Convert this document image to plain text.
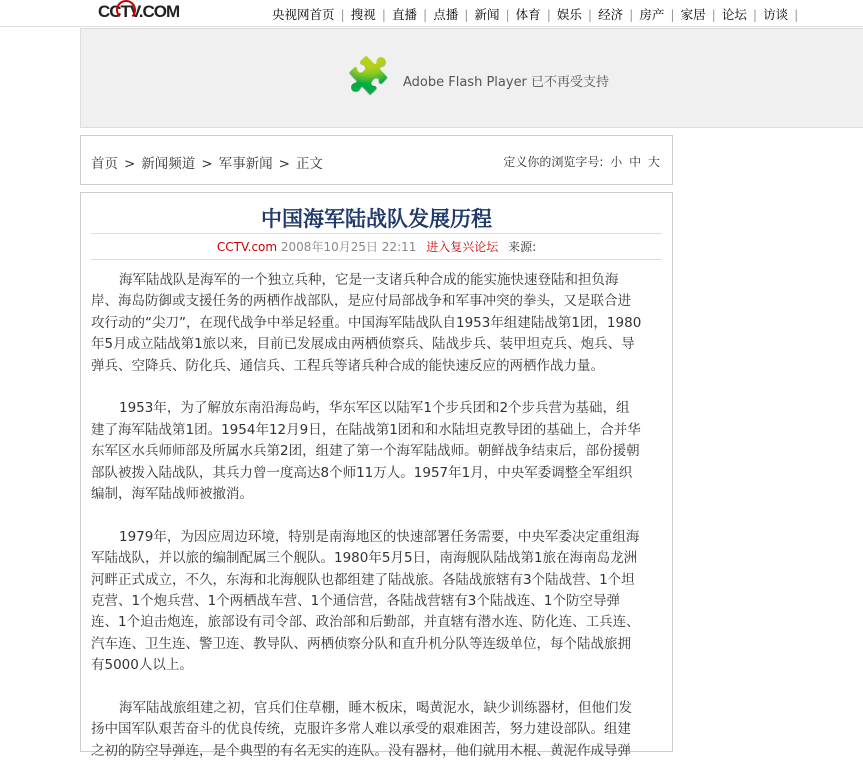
CCTV.COM	央视网首页 | 搜视 | 直播 | 点播 | 新闻 | 体育 | 娱乐 | 经济 | 房产 | 家居 | 论坛 | 访谈 |
🧩 Adobe Flash Player 已不再受支持
首页 > 新闻频道 > 军事新闻 > 正文	定义你的浏览字号: 小 中 大
中国海军陆战队发展历程
CCTV.com 2008年10月25日 22:11 进入复兴论坛 来源:
海军陆战队是海军的一个独立兵种，它是一支诸兵种合成的能实施快速登陆和担负海
岸、海岛防御或支援任务的两栖作战部队，是应付局部战争和军事冲突的拳头，又是联合进
攻行动的“尖刀”，在现代战争中举足轻重。中国海军陆战队自1953年组建陆战第1团，1980
年5月成立陆战第1旅以来，目前已发展成由两栖侦察兵、陆战步兵、装甲坦克兵、炮兵、导
弹兵、空降兵、防化兵、通信兵、工程兵等诸兵种合成的能快速反应的两栖作战力量。
1953年，为了解放东南沿海岛屿，华东军区以陆军1个步兵团和2个步兵营为基础，组
建了海军陆战第1团。1954年12月9日，在陆战第1团和和水陆坦克教导团的基础上，合并华
东军区水兵师师部及所属水兵第2团，组建了第一个海军陆战师。朝鲜战争结束后，部份援朝
部队被拨入陆战队，其兵力曾一度高达8个师11万人。1957年1月，中央军委调整全军组织
编制，海军陆战师被撤消。
1979年，为因应周边环境，特别是南海地区的快速部署任务需要，中央军委决定重组海
军陆战队，并以旅的编制配属三个舰队。1980年5月5日，南海舰队陆战第1旅在海南岛龙洲
河畔正式成立，不久，东海和北海舰队也都组建了陆战旅。各陆战旅辖有3个陆战营、1个坦
克营、1个炮兵营、1个两栖战车营、1个通信营，各陆战营辖有3个陆战连、1个防空导弹
连、1个迫击炮连，旅部设有司令部、政治部和后勤部，并直辖有潜水连、防化连、工兵连、
汽车连、卫生连、警卫连、教导队、两栖侦察分队和直升机分队等连级单位，每个陆战旅拥
有5000人以上。
海军陆战旅组建之初，官兵们住草棚，睡木板床，喝黄泥水，缺少训练器材，但他们发
扬中国军队艰苦奋斗的优良传统，克服许多常人难以承受的艰难困苦，努力建设部队。组建
之初的防空导弹连，是个典型的有名无实的连队。没有器材，他们就用木棍、黄泥作成导弹
